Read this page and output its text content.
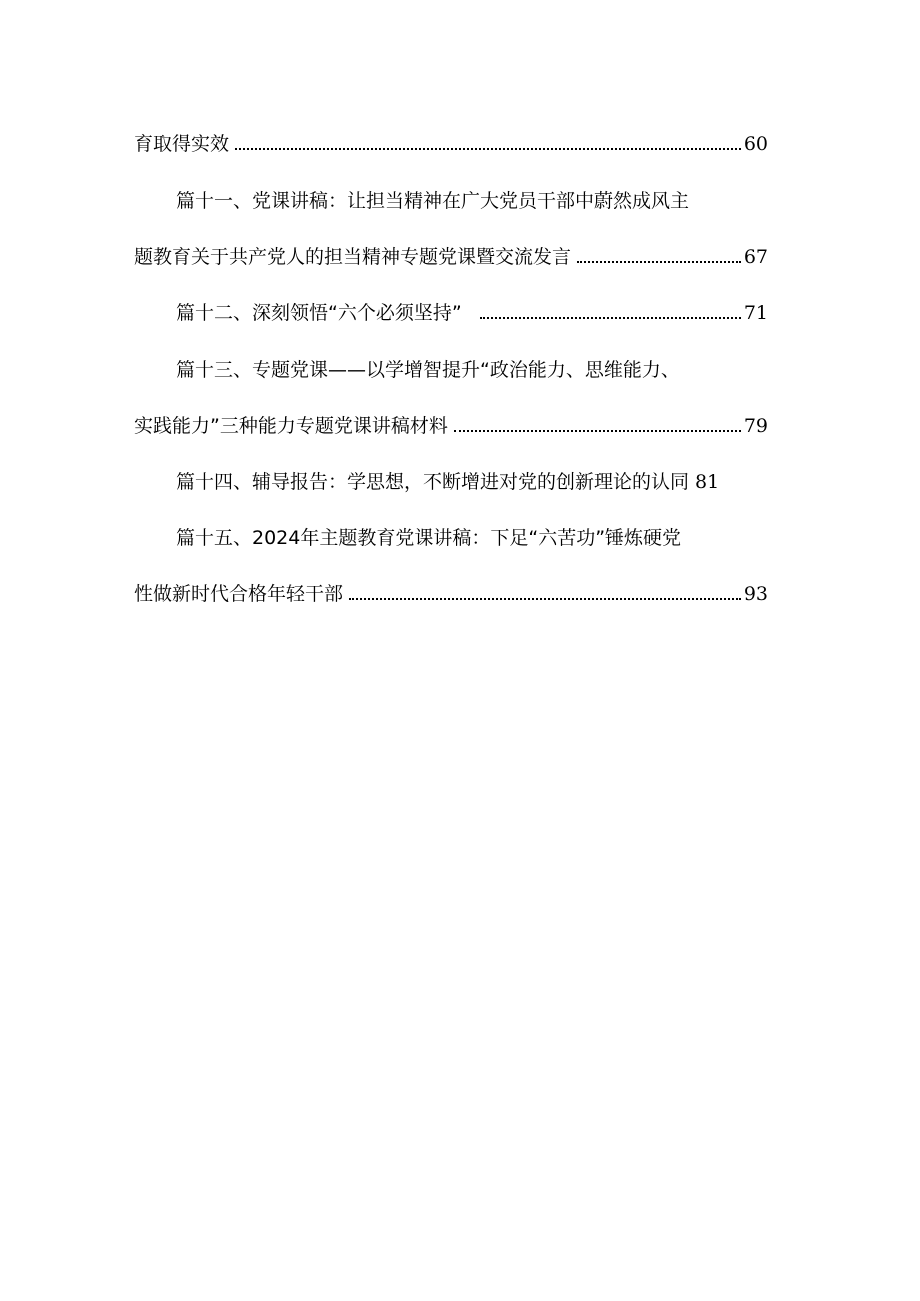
育取得实效	60
篇十一、党课讲稿：让担当精神在广大党员干部中蔚然成风主
题教育关于共产党人的担当精神专题党课暨交流发言	67
篇十二、深刻领悟“六个必须坚持”	71
篇十三、专题党课——以学增智提升“政治能力、思维能力、
实践能力”三种能力专题党课讲稿材料	79
篇十四、辅导报告：学思想，不断增进对党的创新理论的认同 81
篇十五、2024年主题教育党课讲稿：下足“六苦功”锤炼硬党
性做新时代合格年轻干部	93
